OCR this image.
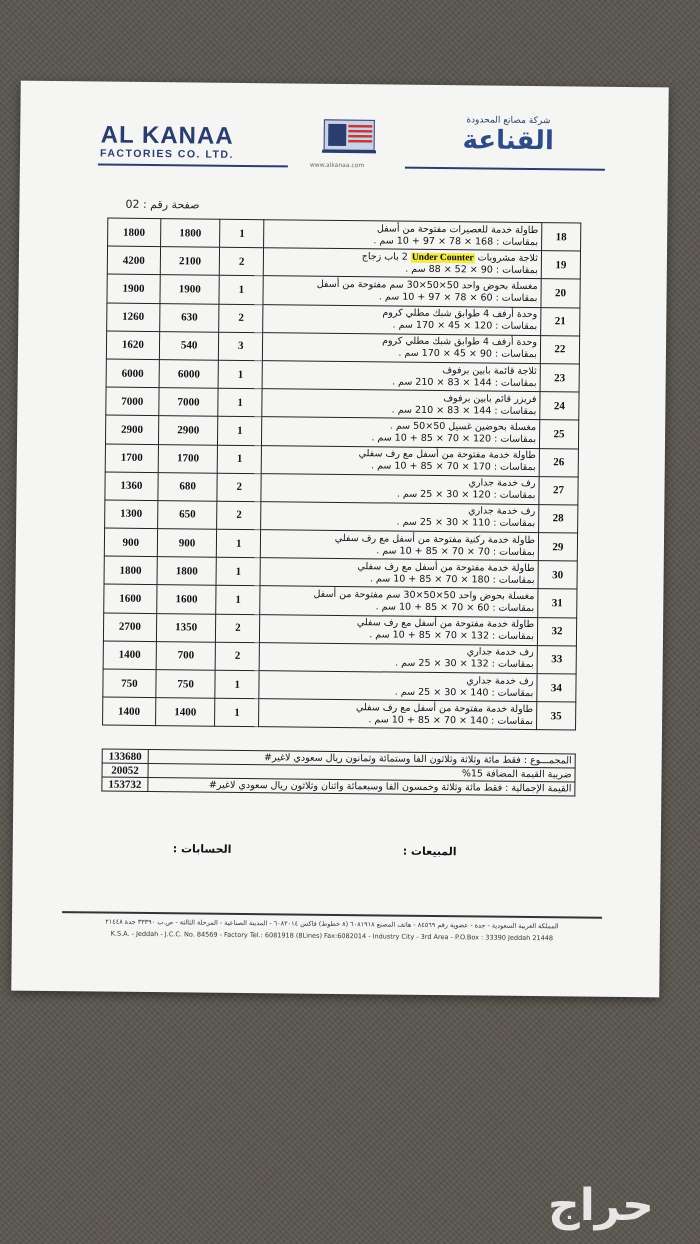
AL KANAA
FACTORIES CO. LTD.
www.alkanaa.com
شركة مصانع المحدودة
القناعة
صفحة رقم : 02
1800	1800	1	طاولة خدمة للعصيرات مفتوحة من أسفل
بمقاسات : 168 × 78 × 97 + 10 سم .	18
4200	2100	2	ثلاجة مشروبات Under Counter 2 باب زجاج
بمقاسات : 90 × 52 × 88 سم .	19
1900	1900	1	مغسلة بحوض واحد 50×50×30 سم مفتوحة من أسفل
بمقاسات : 60 × 78 × 97 + 10 سم .	20
1260	630	2	وحدة أرفف 4 طوابق شبك مطلي كروم
بمقاسات : 120 × 45 × 170 سم .	21
1620	540	3	وحدة أرفف 4 طوابق شبك مطلي كروم
بمقاسات : 90 × 45 × 170 سم .	22
6000	6000	1	ثلاجة قائمة بابين برفوف
بمقاسات : 144 × 83 × 210 سم .	23
7000	7000	1	فريزر قائم بابين برفوف
بمقاسات : 144 × 83 × 210 سم .	24
2900	2900	1	مغسلة بحوضين غسيل 50×50 سم .
بمقاسات : 120 × 70 × 85 + 10 سم .	25
1700	1700	1	طاولة خدمة مفتوحة من أسفل مع رف سفلي
بمقاسات : 170 × 70 × 85 + 10 سم .	26
1360	680	2	رف خدمة جداري
بمقاسات : 120 × 30 × 25 سم .	27
1300	650	2	رف خدمة جداري
بمقاسات : 110 × 30 × 25 سم .	28
900	900	1	طاولة خدمة ركنية مفتوحة من أسفل مع رف سفلي
بمقاسات : 70 × 70 × 85 + 10 سم .	29
1800	1800	1	طاولة خدمة مفتوحة من أسفل مع رف سفلي
بمقاسات : 180 × 70 × 85 + 10 سم .	30
1600	1600	1	مغسلة بحوض واحد 50×50×30 سم مفتوحة من أسفل
بمقاسات : 60 × 70 × 85 + 10 سم .	31
2700	1350	2	طاولة خدمة مفتوحة من أسفل مع رف سفلي
بمقاسات : 132 × 70 × 85 + 10 سم .	32
1400	700	2	رف خدمة جداري
بمقاسات : 132 × 30 × 25 سم .	33
750	750	1	رف خدمة جداري
بمقاسات : 140 × 30 × 25 سم .	34
1400	1400	1	طاولة خدمة مفتوحة من أسفل مع رف سفلي
بمقاسات : 140 × 70 × 85 + 10 سم .	35
133680	المجمـــوع : فقط مائة وثلاثة وثلاثون الفا وستمائة وثمانون ريال سعودي لاغير#
20052	ضريبة القيمة المضافة 15%
153732	القيمة الإجمالية : فقط مائة وثلاثة وخمسون الفا وسبعمائة واثنان وثلاثون ريال سعودي لاغير#
المبيعات :
الحسابات :
المملكة العربية السعودية - جدة - عضوية رقم ٨٤٥٦٩ - هاتف المصنع ٦٠٨١٩١٨ (٨ خطوط) فاكس ٦٠٨٢٠١٤ - المدينة الصناعية - المرحلة الثالثة - ص.ب ٣٣٣٩٠ جدة ٢١٤٤٨
K.S.A. - Jeddah - J.C.C. No. 84569 - Factory Tel.: 6081918 (8Lines) Fax:6082014 - Industry City - 3rd Area - P.O.Box : 33390 Jeddah 21448
حراج
